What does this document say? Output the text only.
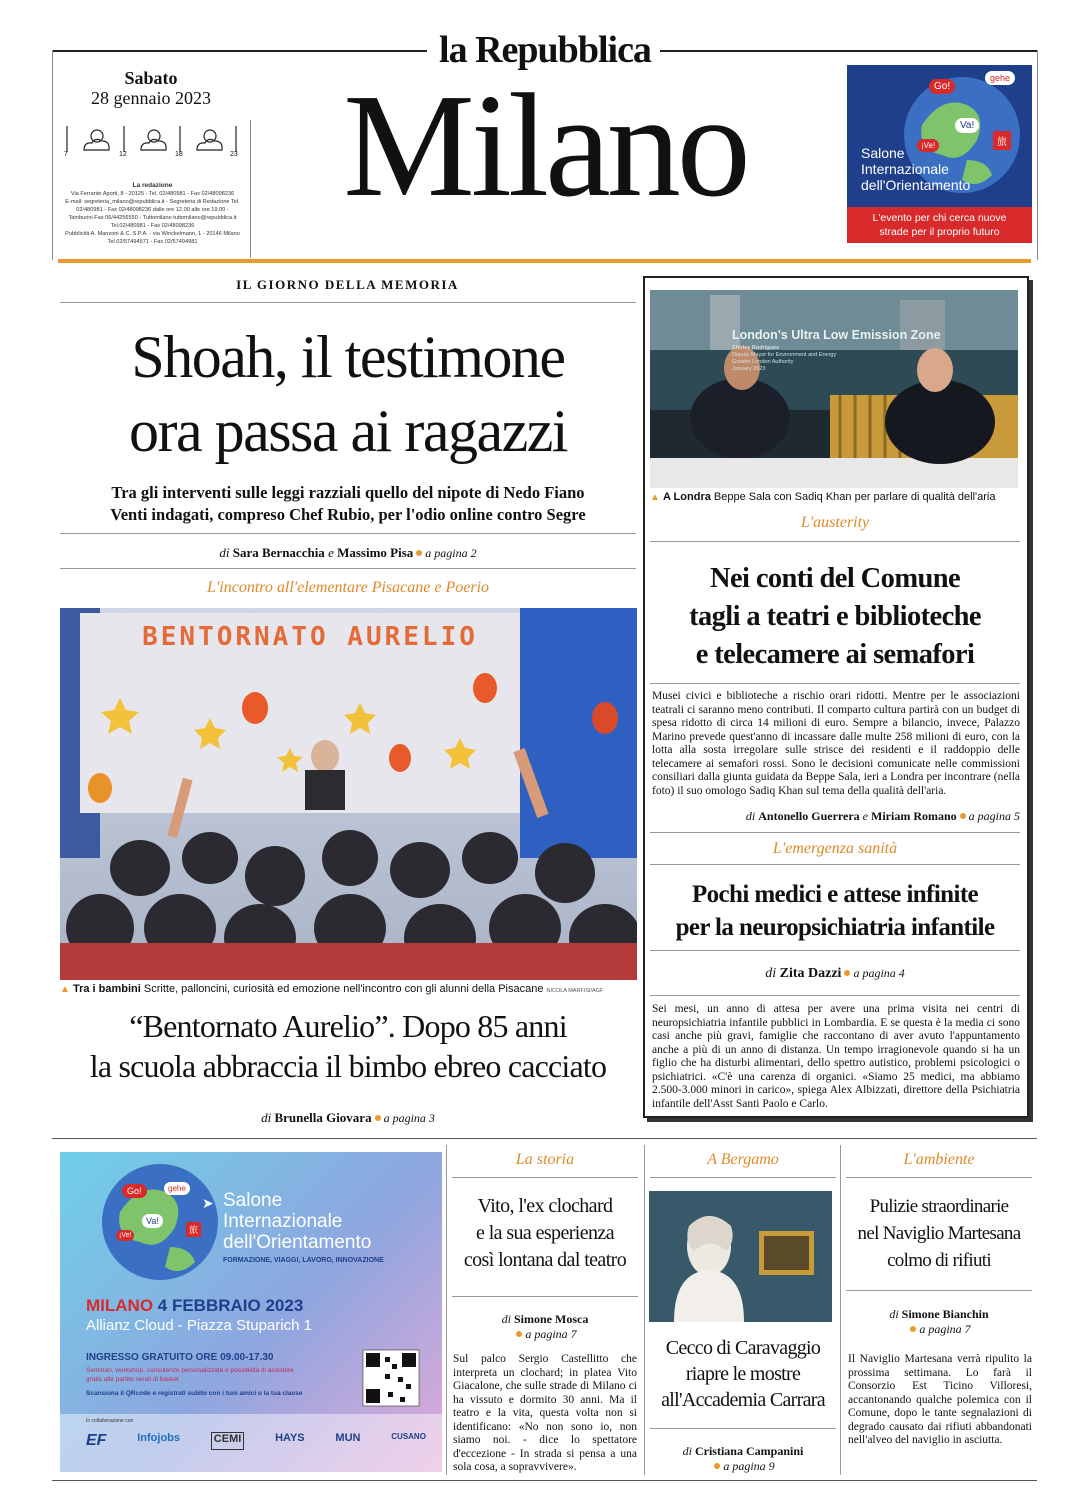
la Repubblica
Sabato
28 gennaio 2023
7	12	18	23
La redazione
Via Ferrante Aporti, 8 - 20125 - Tel. 02/480981 - Fax 02/48098236
E-mail: segreteria_milano@repubblica.it - Segreteria di Redazione Tel.
02/480981 - Fax 02/48098236 dalle ore 12.00 alle ore 19.00 -
Tamburini Fax 06/44256550 - Tuttomilano tuttomilano@repubblica.it
Tel.02/480981 - Fax 02/48098236
Pubblicità A. Manzoni & C. S.P.A. - via Winckelmann, 1 - 20146 Milano
Tel 02/57494571 - Fax 02/57494981
Milano	Go!
gehe
Va!
¡Ve!	旅
Salone
Internazionale
dell'Orientamento
L'evento per chi cerca nuove
strade per il proprio futuro
IL GIORNO DELLA MEMORIA
Shoah, il testimone
ora passa ai ragazzi
Tra gli interventi sulle leggi razziali quello del nipote di Nedo Fiano
Venti indagati, compreso Chef Rubio, per l'odio online contro Segre
di Sara Bernacchia e Massimo Pisa a pagina 2
L'incontro all'elementare Pisacane e Poerio
BENTORNATO AURELIO
▲ Tra i bambini Scritte, palloncini, curiosità ed emozione nell'incontro con gli alunni della Pisacane NICOLA MARFISI/AGF
“Bentornato Aurelio”. Dopo 85 anni
la scuola abbraccia il bimbo ebreo cacciato
di Brunella Giovara a pagina 3
London's Ultra Low Emission Zone
Shirley Rodrigues
Deputy Mayor for Environment and Energy
Greater London Authority
January 2023
▲ A Londra Beppe Sala con Sadiq Khan per parlare di qualità dell'aria
L'austerity
Nei conti del Comune
tagli a teatri e biblioteche
e telecamere ai semafori
Musei civici e biblioteche a rischio orari ridotti. Mentre per le associazioni teatrali ci saranno meno contributi. Il comparto cultura partirà con un budget di spesa ridotto di circa 14 milioni di euro. Sempre a bilancio, invece, Palazzo Marino prevede quest'anno di incassare dalle multe 258 milioni di euro, con la lotta alla sosta irregolare sulle strisce dei residenti e il raddoppio delle telecamere ai semafori rossi. Sono le decisioni comunicate nelle commissioni consiliari dalla giunta guidata da Beppe Sala, ieri a Londra per incontrare (nella foto) il suo omologo Sadiq Khan sul tema della qualità dell'aria.
di Antonello Guerrera e Miriam Romano a pagina 5
L'emergenza sanità
Pochi medici e attese infinite
per la neuropsichiatria infantile
di Zita Dazzi a pagina 4
Sei mesi, un anno di attesa per avere una prima visita nei centri di neuropsichiatria infantile pubblici in Lombardia. E se questa è la media ci sono casi anche più gravi, famiglie che raccontano di aver avuto l'appuntamento anche a più di un anno di distanza. Un tempo irragionevole quando si ha un figlio che ha disturbi alimentari, dello spettro autistico, problemi psicologici o psichiatrici. «C'è una carenza di organici. «Siamo 25 medici, ma abbiamo 2.500-3.000 minori in carico», spiega Alex Albizzati, direttore della Psichiatria infantile dell'Asst Santi Paolo e Carlo.
Go!	gehe
Va!
¡Ve!
旅
➤ Salone
Internazionale
dell'Orientamento
FORMAZIONE, VIAGGI, LAVORO, INNOVAZIONE
MILANO 4 FEBBRAIO 2023
Allianz Cloud - Piazza Stuparich 1
INGRESSO GRATUITO ORE 09.00-17.30
Seminari, workshop, consulenze personalizzate e possibilità di assistere
gratis alle partite serali di basket
Scansiona il QRcode e registrati subito con i tuoi amici o la tua classe
In collaborazione con
EF	Infojobs	CEMI	HAYS	MUN	CUSANO
La storia
Vito, l'ex clochard
e la sua esperienza
così lontana dal teatro
di Simone Mosca
a pagina 7
Sul palco Sergio Castellitto che interpreta un clochard; in platea Vito Giacalone, che sulle strade di Milano ci ha vissuto e dormito 30 anni. Ma il teatro e la vita, questa volta non si identificano: «No non sono io, non siamo noi. - dice lo spettatore d'eccezione - In strada si pensa a una sola cosa, a sopravvivere».
A Bergamo
Cecco di Caravaggio
riapre le mostre
all'Accademia Carrara
di Cristiana Campanini
a pagina 9
L'ambiente
Pulizie straordinarie
nel Naviglio Martesana
colmo di rifiuti
di Simone Bianchin
a pagina 7
Il Naviglio Martesana verrà ripulito la prossima settimana. Lo farà il Consorzio Est Ticino Villoresi, accantonando qualche polemica con il Comune, dopo le tante segnalazioni di degrado causato dai rifiuti abbandonati nell'alveo del naviglio in asciutta.
